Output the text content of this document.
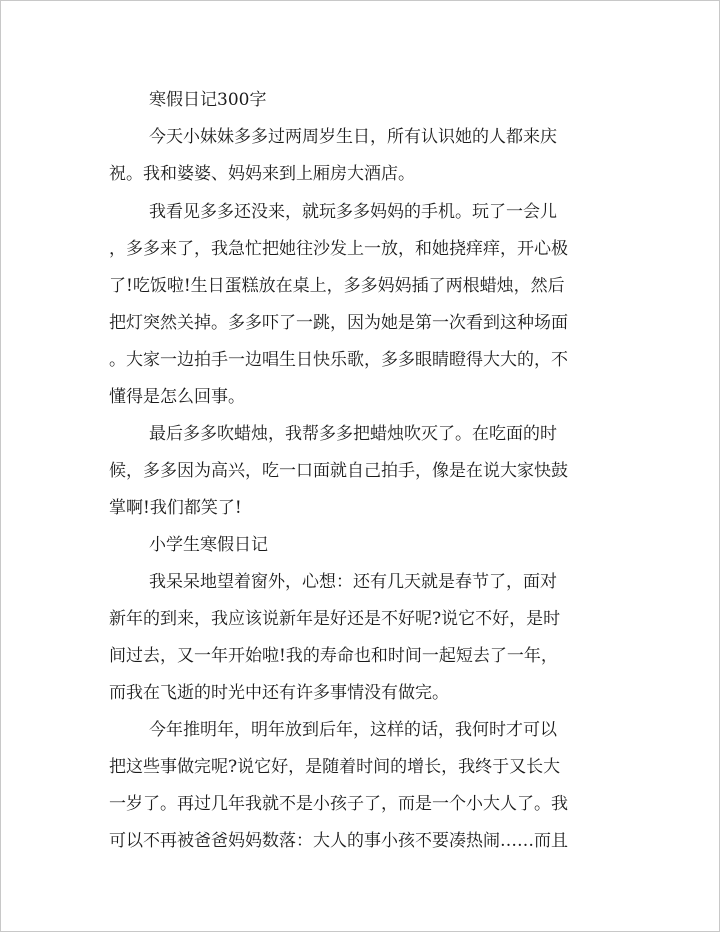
寒假日记300字
今天小妹妹多多过两周岁生日，所有认识她的人都来庆
祝。我和婆婆、妈妈来到上厢房大酒店。
我看见多多还没来，就玩多多妈妈的手机。玩了一会儿
，多多来了，我急忙把她往沙发上一放，和她挠痒痒，开心极
了!吃饭啦!生日蛋糕放在桌上，多多妈妈插了两根蜡烛，然后
把灯突然关掉。多多吓了一跳，因为她是第一次看到这种场面
。大家一边拍手一边唱生日快乐歌，多多眼睛瞪得大大的，不
懂得是怎么回事。
最后多多吹蜡烛，我帮多多把蜡烛吹灭了。在吃面的时
候，多多因为高兴，吃一口面就自己拍手，像是在说大家快鼓
掌啊!我们都笑了!
小学生寒假日记
我呆呆地望着窗外，心想：还有几天就是春节了，面对
新年的到来，我应该说新年是好还是不好呢?说它不好，是时
间过去，又一年开始啦!我的寿命也和时间一起短去了一年，
而我在飞逝的时光中还有许多事情没有做完。
今年推明年，明年放到后年，这样的话，我何时才可以
把这些事做完呢?说它好，是随着时间的增长，我终于又长大
一岁了。再过几年我就不是小孩子了，而是一个小大人了。我
可以不再被爸爸妈妈数落：大人的事小孩不要凑热闹……而且
